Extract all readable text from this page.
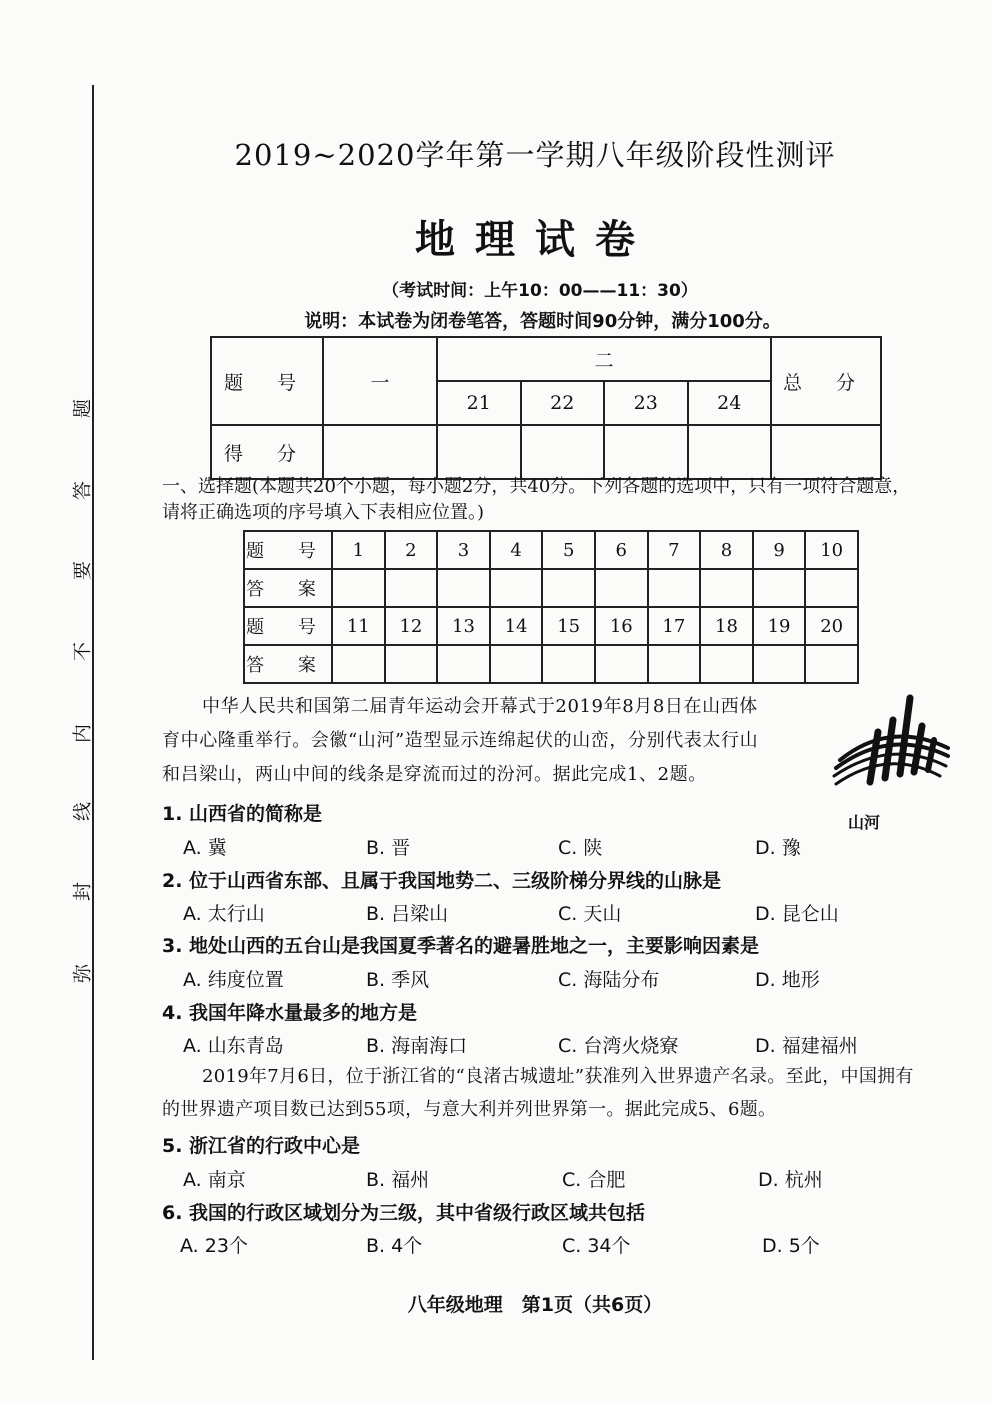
题
答
要
不
内
线
封
弥
2019~2020学年第一学期八年级阶段性测评
地理试卷
（考试时间：上午10：00——11：30）
说明：本试卷为闭卷笔答，答题时间90分钟，满分100分。
题 号	一	二				总 分
		21	22	23	24	
得 分						
一、选择题(本题共20个小题，每小题2分，共40分。下列各题的选项中，只有一项符合题意，
请将正确选项的序号填入下表相应位置。)
题 号	1	2	3	4	5	6	7	8	9	10
答 案										
题 号	11	12	13	14	15	16	17	18	19	20
答 案										
中华人民共和国第二届青年运动会开幕式于2019年8月8日在山西体
育中心隆重举行。会徽“山河”造型显示连绵起伏的山峦，分别代表太行山
和吕梁山，两山中间的线条是穿流而过的汾河。据此完成1、2题。
山河
1. 山西省的简称是
A. 冀	B. 晋	C. 陕	D. 豫
2. 位于山西省东部、且属于我国地势二、三级阶梯分界线的山脉是
A. 太行山	B. 吕梁山	C. 天山	D. 昆仑山
3. 地处山西的五台山是我国夏季著名的避暑胜地之一，主要影响因素是
A. 纬度位置	B. 季风	C. 海陆分布	D. 地形
4. 我国年降水量最多的地方是
A. 山东青岛	B. 海南海口	C. 台湾火烧寮	D. 福建福州
2019年7月6日，位于浙江省的“良渚古城遗址”获准列入世界遗产名录。至此，中国拥有
的世界遗产项目数已达到55项，与意大利并列世界第一。据此完成5、6题。
5. 浙江省的行政中心是
A. 南京	B. 福州	C. 合肥	D. 杭州
6. 我国的行政区域划分为三级，其中省级行政区域共包括
A. 23个	B. 4个	C. 34个	D. 5个
八年级地理　第1页（共6页）
